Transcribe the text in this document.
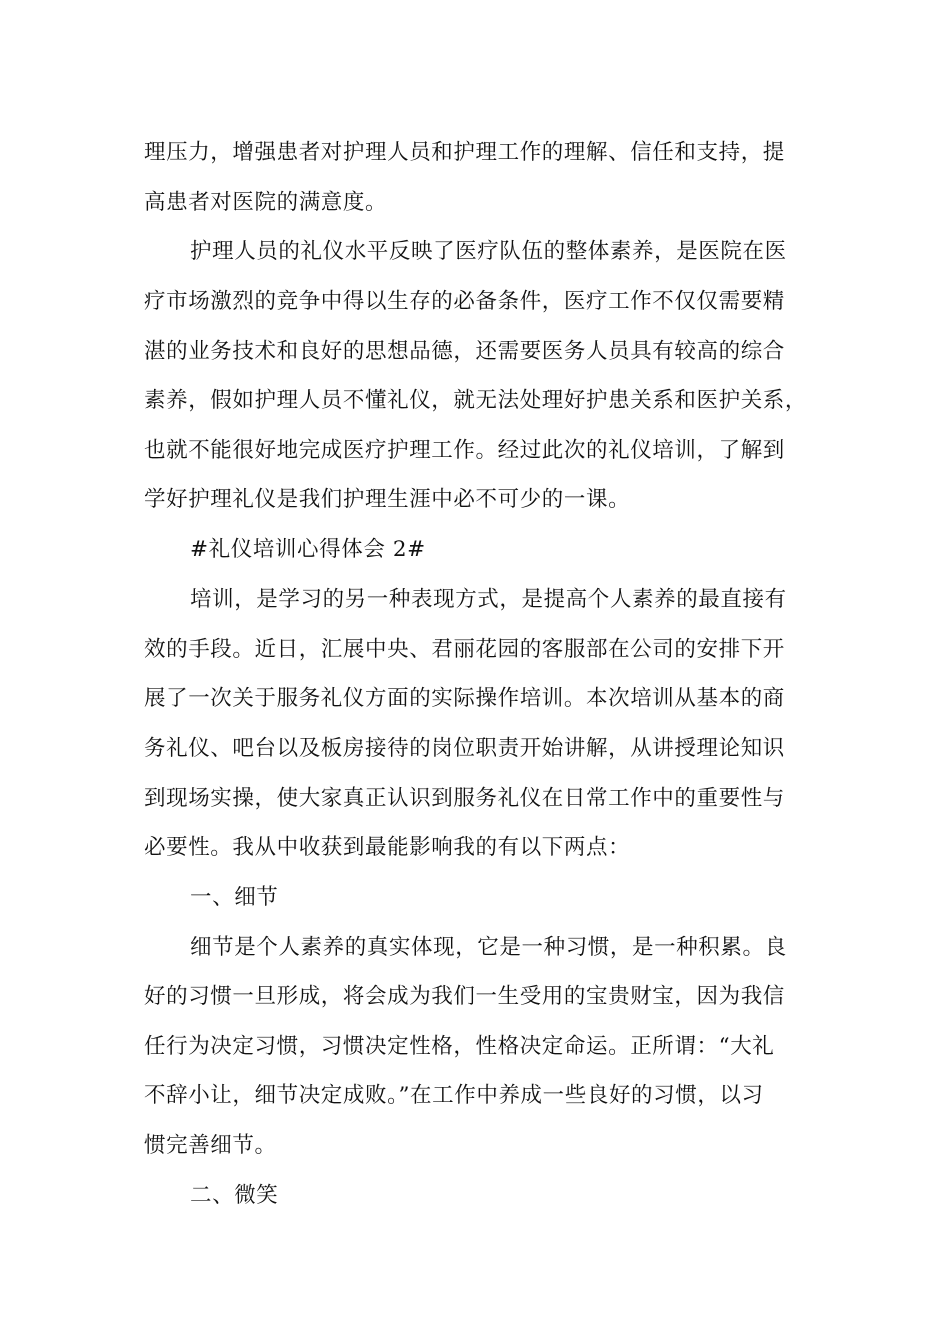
理压力，增强患者对护理人员和护理工作的理解、信任和支持，提
高患者对医院的满意度。
护理人员的礼仪水平反映了医疗队伍的整体素养，是医院在医
疗市场激烈的竞争中得以生存的必备条件，医疗工作不仅仅需要精
湛的业务技术和良好的思想品德，还需要医务人员具有较高的综合
素养，假如护理人员不懂礼仪，就无法处理好护患关系和医护关系，
也就不能很好地完成医疗护理工作。经过此次的礼仪培训，了解到
学好护理礼仪是我们护理生涯中必不可少的一课。
#礼仪培训心得体会 2#
培训，是学习的另一种表现方式，是提高个人素养的最直接有
效的手段。近日，汇展中央、君丽花园的客服部在公司的安排下开
展了一次关于服务礼仪方面的实际操作培训。本次培训从基本的商
务礼仪、吧台以及板房接待的岗位职责开始讲解，从讲授理论知识
到现场实操，使大家真正认识到服务礼仪在日常工作中的重要性与
必要性。我从中收获到最能影响我的有以下两点：
一、细节
细节是个人素养的真实体现，它是一种习惯，是一种积累。良
好的习惯一旦形成，将会成为我们一生受用的宝贵财宝，因为我信
任行为决定习惯，习惯决定性格，性格决定命运。正所谓：“大礼
不辞小让，细节决定成败。”在工作中养成一些良好的习惯，以习
惯完善细节。
二、微笑
